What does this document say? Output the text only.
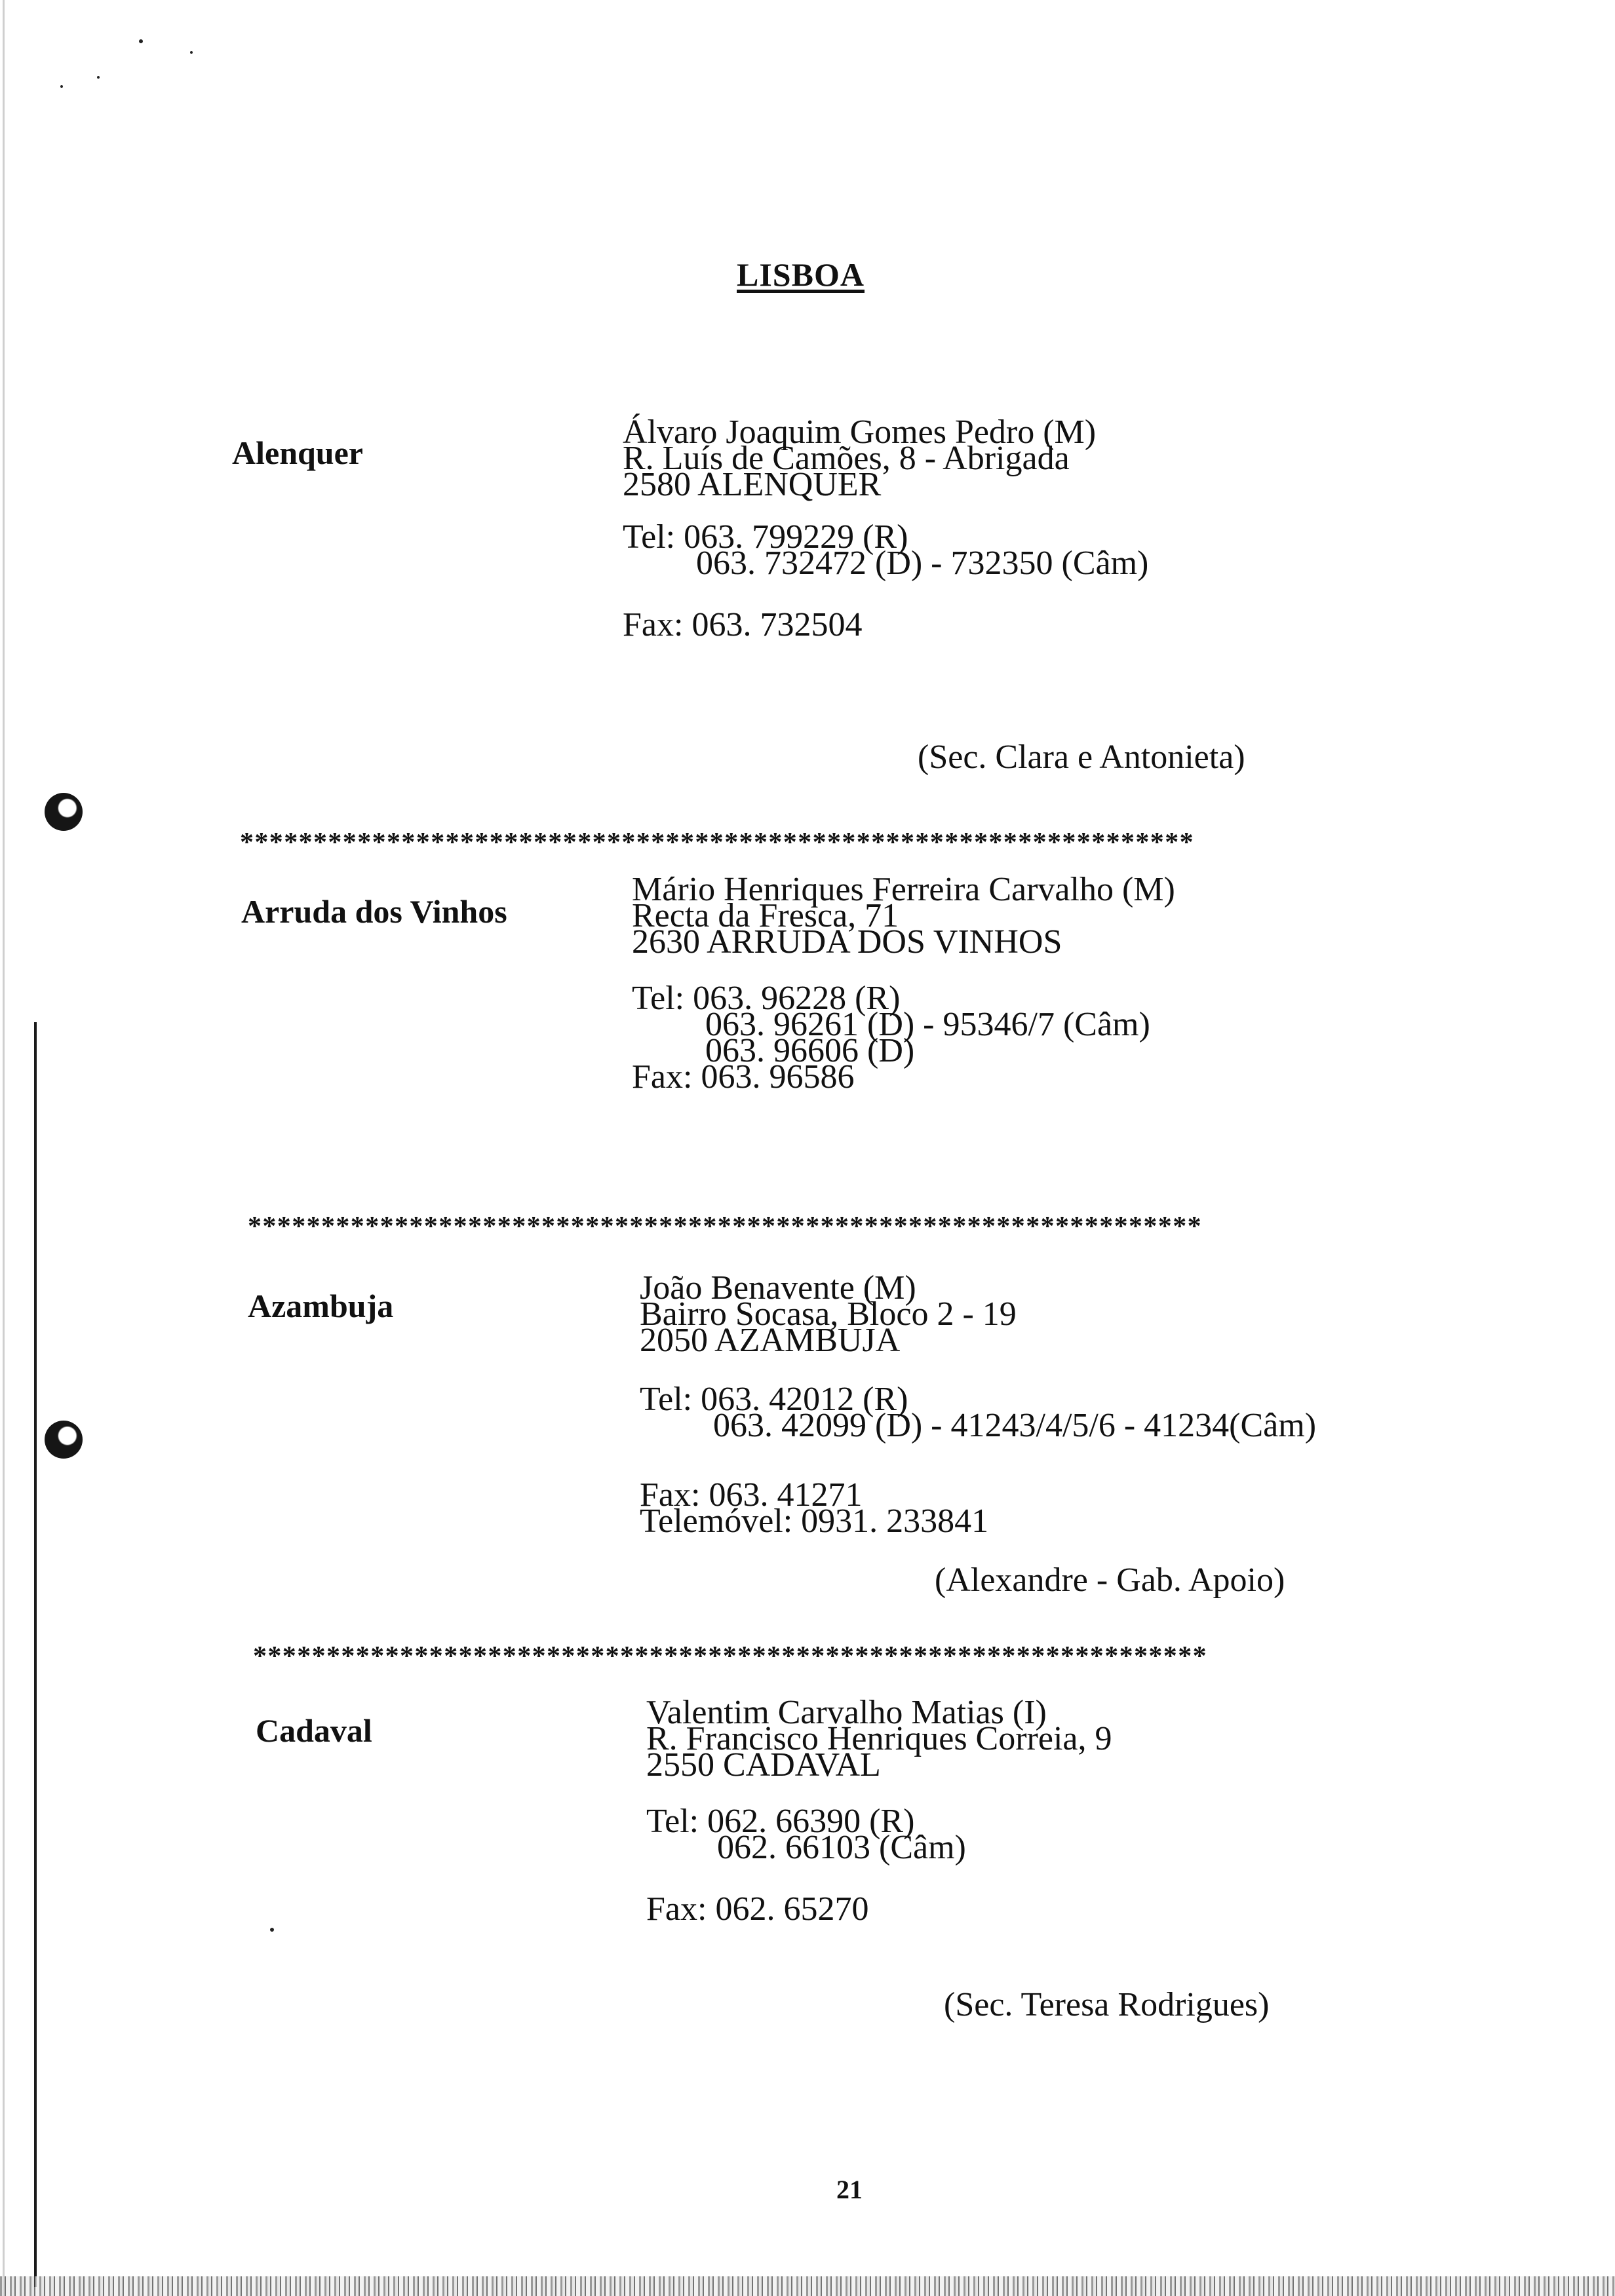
LISBOA
Alenquer
Álvaro Joaquim Gomes Pedro (M)
R. Luís de Camões, 8 - Abrigada
2580 ALENQUER
Tel: 063. 799229 (R)
063. 732472 (D) - 732350 (Câm)
Fax: 063. 732504
(Sec. Clara e Antonieta)
*****************************************************************
Arruda dos Vinhos
Mário Henriques Ferreira Carvalho (M)
Recta da Fresca, 71
2630 ARRUDA DOS VINHOS
Tel: 063. 96228 (R)
063. 96261 (D) - 95346/7 (Câm)
063. 96606 (D)
Fax: 063. 96586
*****************************************************************
Azambuja	João Benavente (M)
Bairro Socasa, Bloco 2 - 19
2050 AZAMBUJA
Tel: 063. 42012 (R)
063. 42099 (D) - 41243/4/5/6 - 41234(Câm)
Fax: 063. 41271
Telemóvel: 0931. 233841
(Alexandre - Gab. Apoio)
*****************************************************************
Cadaval	Valentim Carvalho Matias (I)
R. Francisco Henriques Correia, 9
2550 CADAVAL
Tel: 062. 66390 (R)
062. 66103 (Câm)
Fax: 062. 65270
(Sec. Teresa Rodrigues)
21
